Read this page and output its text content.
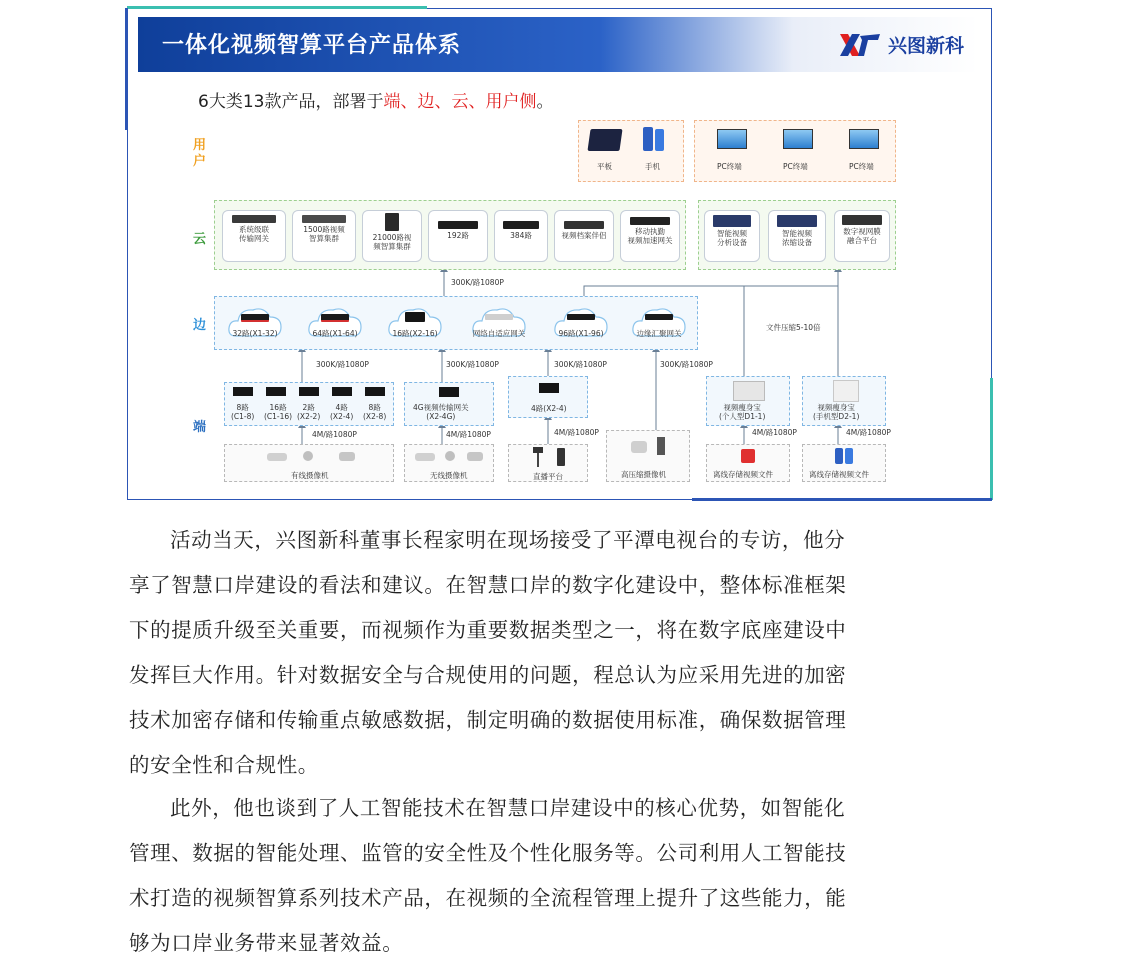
一体化视频智算平台产品体系	兴图新科
6大类13款产品，部署于端、边、云、用户侧。
用
户
云
边
端
平板	手机	PC终端	PC终端	PC终端
系统级联
传输网关
1500路视频
智算集群	21000路视
频智算集群
192路	384路	视频档案伴侣	移动执勤
视频加速网关
智能视频
分析设备
智能视频
浓缩设备
数字视网膜
融合平台
300K/路1080P
文件压缩5-10倍
32路(X1-32)	64路(X1-64)	16路(X2-16)	网络自适应网关	96路(X1-96)	边缘汇聚网关
300K/路1080P	300K/路1080P	300K/路1080P	300K/路1080P
8路
(C1-8)
16路
(C1-16)
2路
(X2-2)
4路
(X2-4)
8路
(X2-8)
4G视频传输网关
(X2-4G)
4路(X2-4)	视频瘦身宝
(个人型D1-1)
视频瘦身宝
(手机型D2-1)
4M/路1080P	4M/路1080P	4M/路1080P	4M/路1080P	4M/路1080P
有线摄像机	无线摄像机	直播平台	高压缩摄像机	离线存储视频文件	离线存储视频文件
活动当天，兴图新科董事长程家明在现场接受了平潭电视台的专访，他分
享了智慧口岸建设的看法和建议。在智慧口岸的数字化建设中，整体标准框架
下的提质升级至关重要，而视频作为重要数据类型之一，将在数字底座建设中
发挥巨大作用。针对数据安全与合规使用的问题，程总认为应采用先进的加密
技术加密存储和传输重点敏感数据，制定明确的数据使用标准，确保数据管理
的安全性和合规性。
此外，他也谈到了人工智能技术在智慧口岸建设中的核心优势，如智能化
管理、数据的智能处理、监管的安全性及个性化服务等。公司利用人工智能技
术打造的视频智算系列技术产品，在视频的全流程管理上提升了这些能力，能
够为口岸业务带来显著效益。
